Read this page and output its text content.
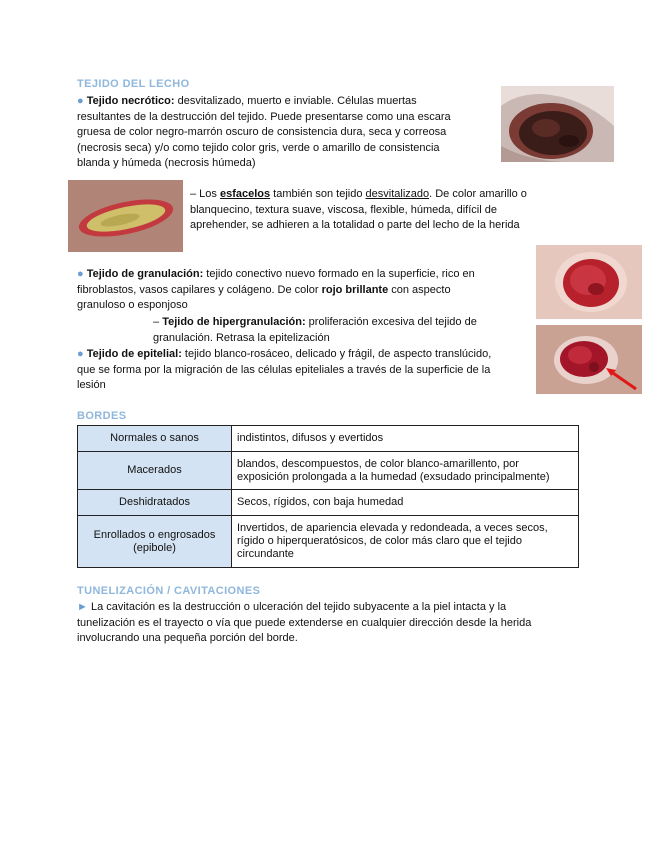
TEJIDO DEL LECHO
● Tejido necrótico: desvitalizado, muerto e inviable. Células muertas
resultantes de la destrucción del tejido. Puede presentarse como una escara
gruesa de color negro-marrón oscuro de consistencia dura, seca y correosa
(necrosis seca) y/o como tejido color gris, verde o amarillo de consistencia
blanda y húmeda (necrosis húmeda)
– Los esfacelos también son tejido desvitalizado. De color amarillo o
blanquecino, textura suave, viscosa, flexible, húmeda, difícil de
aprehender, se adhieren a la totalidad o parte del lecho de la herida
● Tejido de granulación: tejido conectivo nuevo formado en la superficie, rico en
fibroblastos, vasos capilares y colágeno. De color rojo brillante con aspecto
granuloso o esponjoso
– Tejido de hipergranulación: proliferación excesiva del tejido de
granulación. Retrasa la epitelización
● Tejido de epitelial: tejido blanco-rosáceo, delicado y frágil, de aspecto translúcido,
que se forma por la migración de las células epiteliales a través de la superficie de la
lesión
BORDES
Normales o sanos	indistintos, difusos y evertidos
Macerados	blandos, descompuestos, de color blanco-amarillento, por exposición prolongada a la humedad (exsudado principalmente)
Deshidratados	Secos, rígidos, con baja humedad
Enrollados o engrosados (epibole)	Invertidos, de apariencia elevada y redondeada, a veces secos, rígido o hiperqueratósicos, de color más claro que el tejido circundante
TUNELIZACIÓN / CAVITACIONES
► La cavitación es la destrucción o ulceración del tejido subyacente a la piel intacta y la
tunelización es el trayecto o vía que puede extenderse en cualquier dirección desde la herida
involucrando una pequeña porción del borde.
